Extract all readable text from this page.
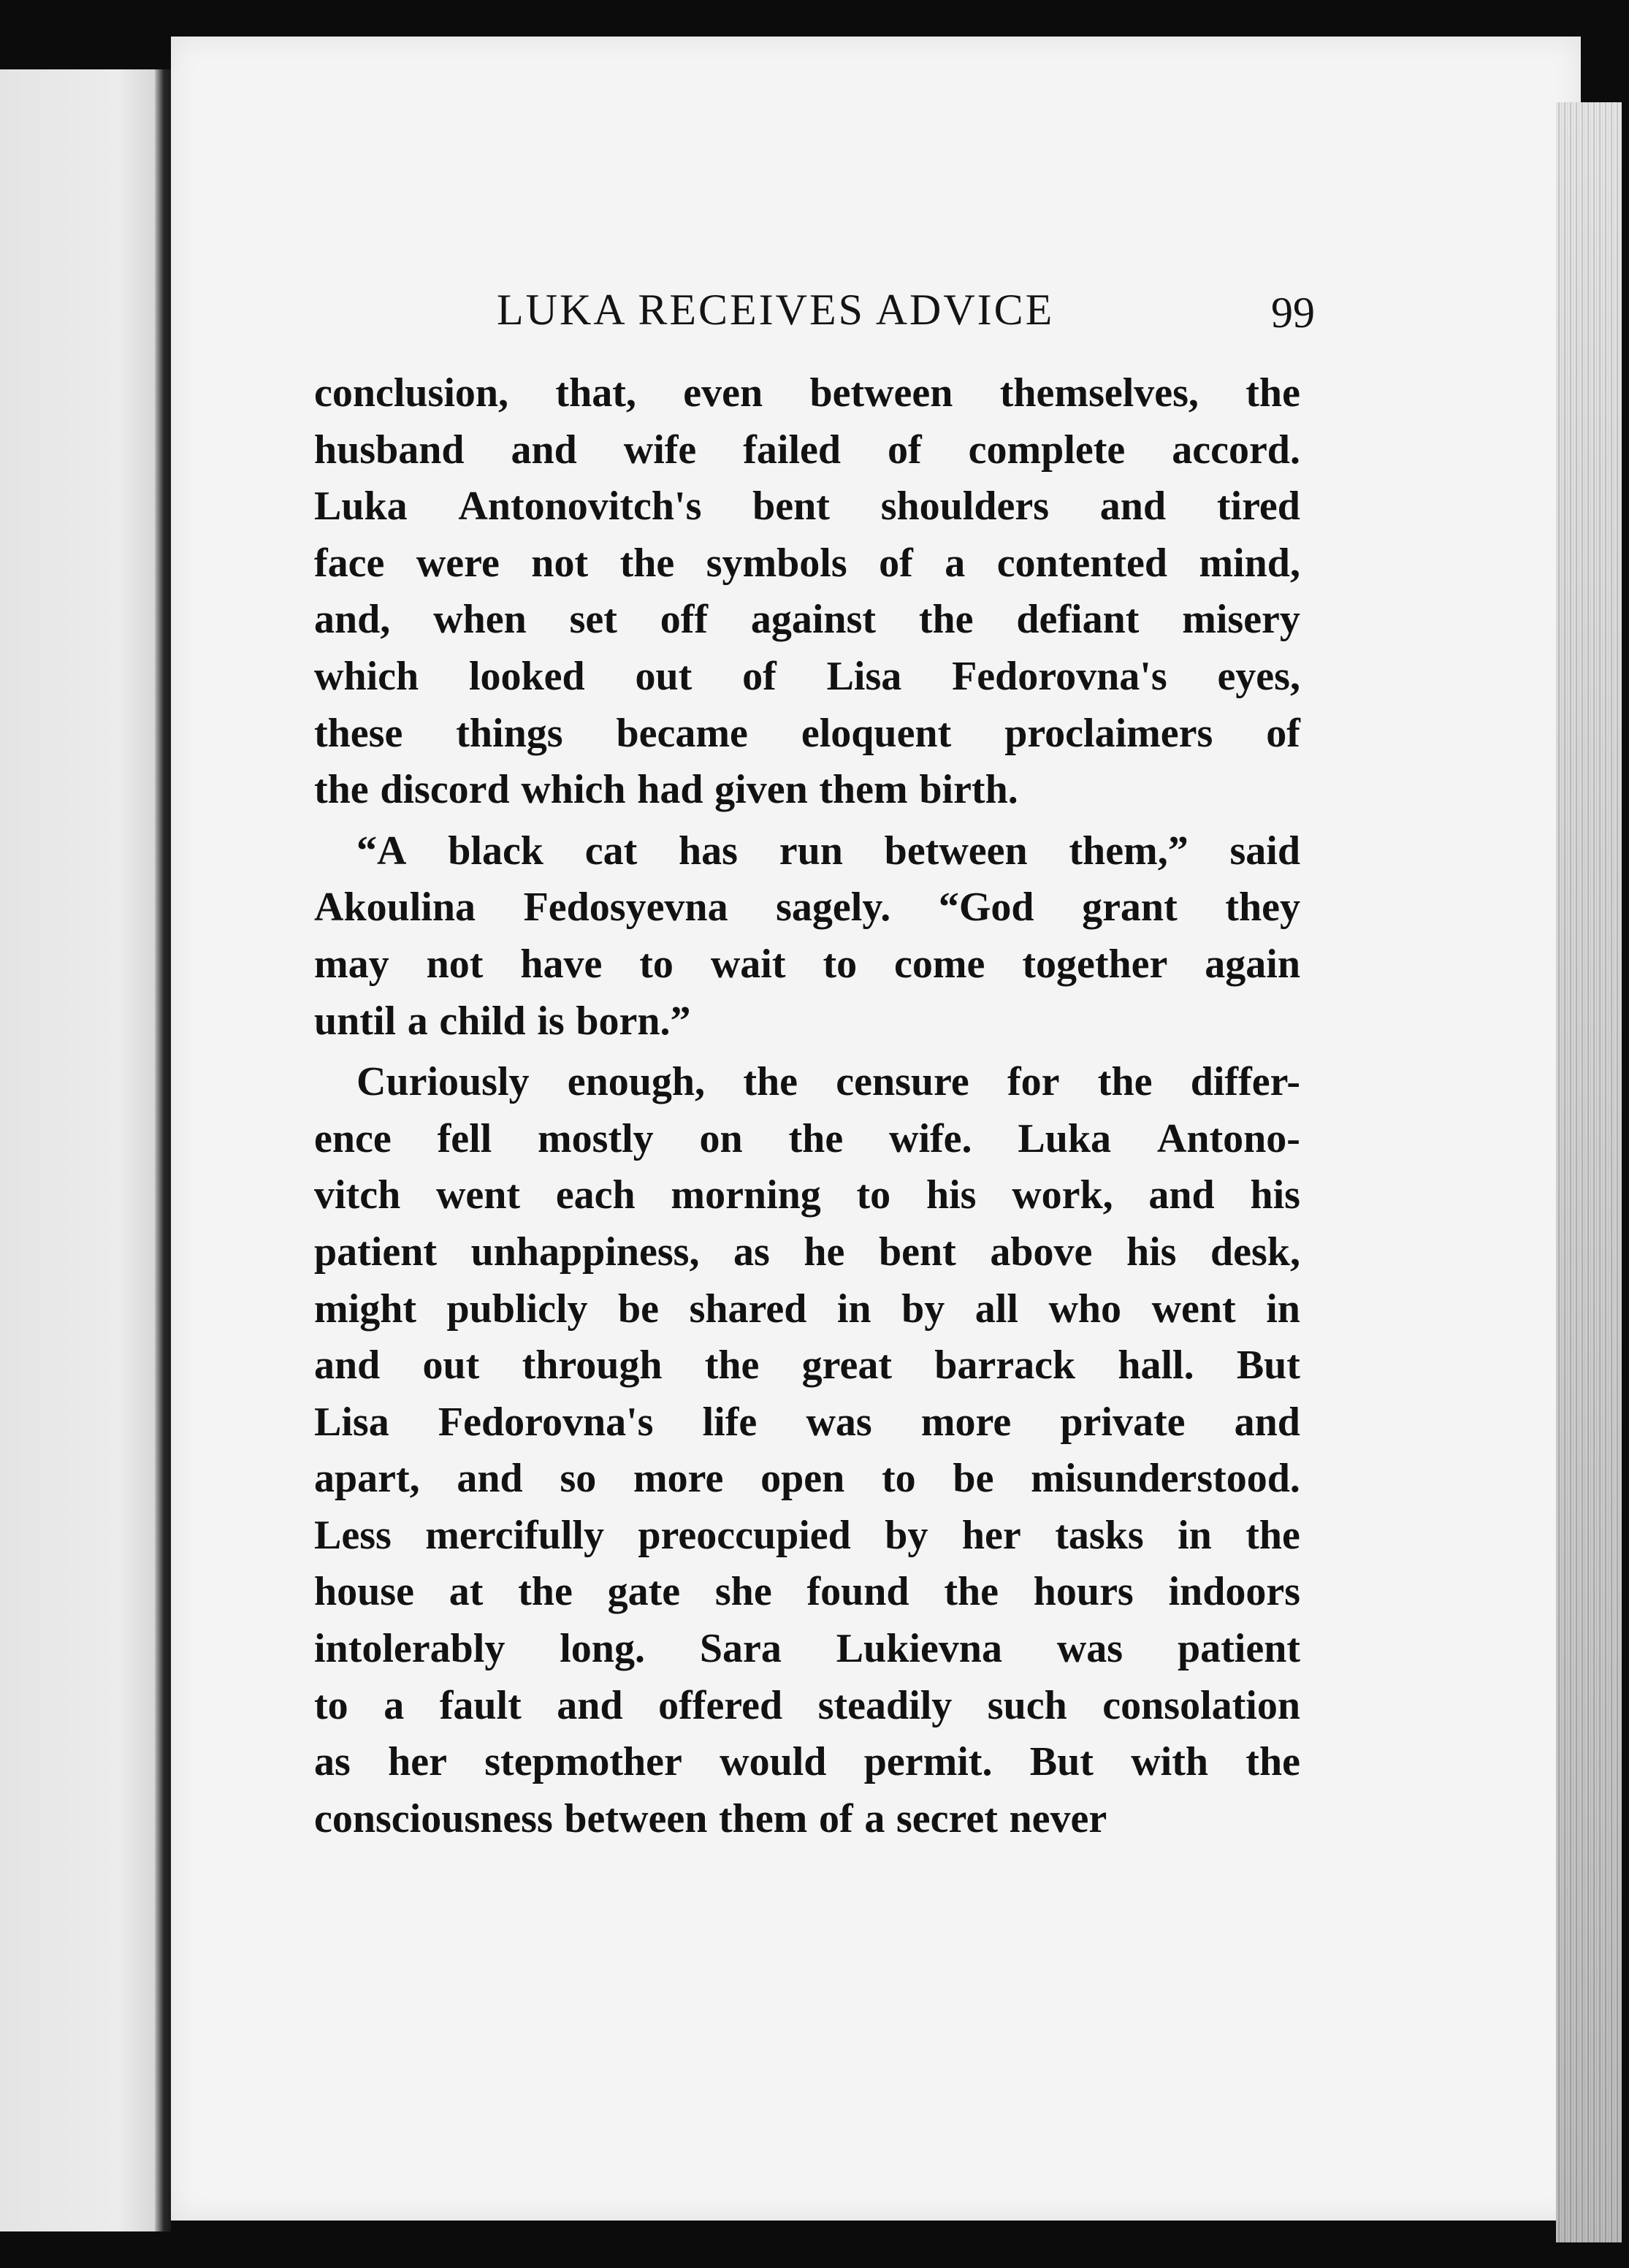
LUKA RECEIVES ADVICE	99
conclusion, that, even between themselves, the
husband and wife failed of complete accord.
Luka Antonovitch's bent shoulders and tired
face were not the symbols of a contented mind,
and, when set off against the defiant misery
which looked out of Lisa Fedorovna's eyes,
these things became eloquent proclaimers of
the discord which had given them birth.
“A black cat has run between them,” said
Akoulina Fedosyevna sagely. “God grant they
may not have to wait to come together again
until a child is born.”
Curiously enough, the censure for the differ-
ence fell mostly on the wife. Luka Antono-
vitch went each morning to his work, and his
patient unhappiness, as he bent above his desk,
might publicly be shared in by all who went in
and out through the great barrack hall. But
Lisa Fedorovna's life was more private and
apart, and so more open to be misunderstood.
Less mercifully preoccupied by her tasks in the
house at the gate she found the hours indoors
intolerably long. Sara Lukievna was patient
to a fault and offered steadily such consolation
as her stepmother would permit. But with the
consciousness between them of a secret never
